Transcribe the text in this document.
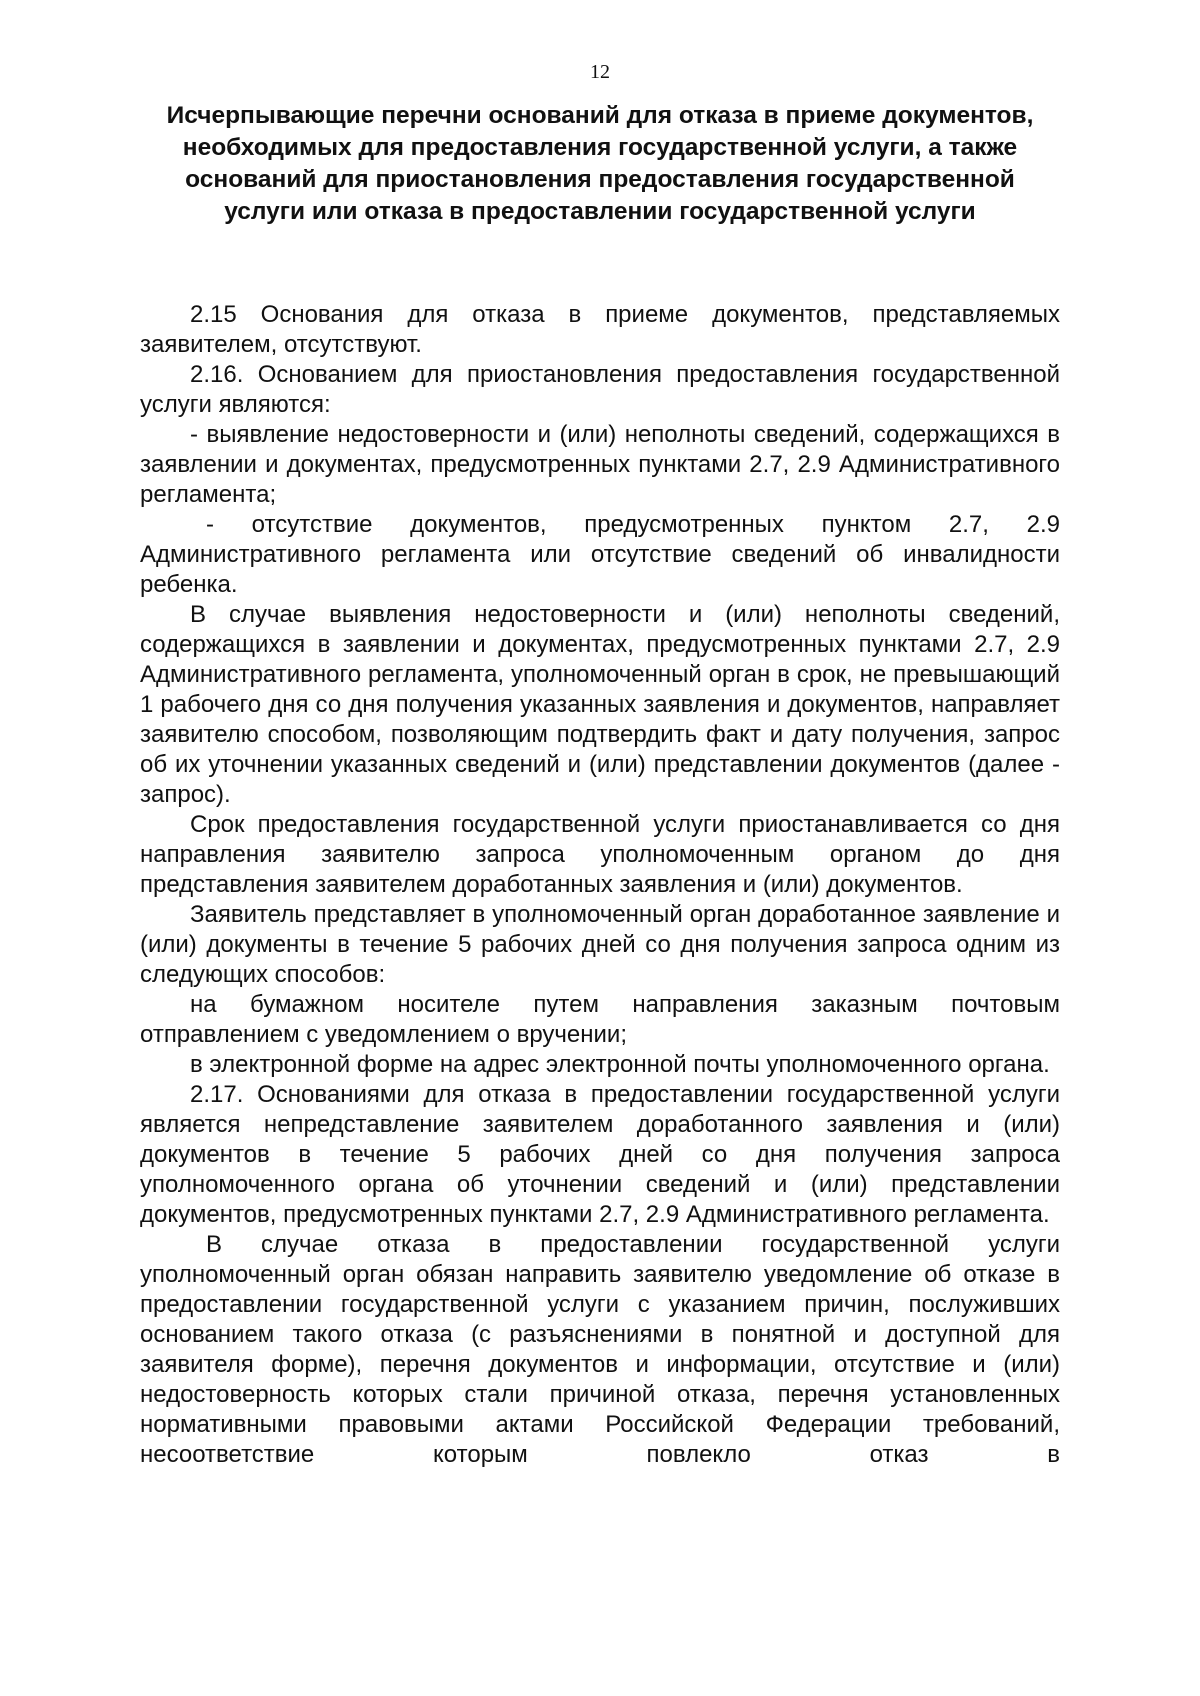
12
Исчерпывающие перечни оснований для отказа в приеме документов, необходимых для предоставления государственной услуги, а также оснований для приостановления предоставления государственной услуги или отказа в предоставлении государственной услуги

2.15 Основания для отказа в приеме документов, представляемых заявителем, отсутствуют.

2.16. Основанием для приостановления предоставления государственной услуги являются:

- выявление недостоверности и (или) неполноты сведений, содержащихся в заявлении и документах, предусмотренных пунктами 2.7, 2.9 Административного регламента;

- отсутствие документов, предусмотренных пунктом 2.7, 2.9 Административного регламента или отсутствие сведений об инвалидности ребенка.

В случае выявления недостоверности и (или) неполноты сведений, содержащихся в заявлении и документах, предусмотренных пунктами 2.7, 2.9 Административного регламента, уполномоченный орган в срок, не превышающий 1 рабочего дня со дня получения указанных заявления и документов, направляет заявителю способом, позволяющим подтвердить факт и дату получения, запрос об их уточнении указанных сведений и (или) представлении документов (далее - запрос).

Срок предоставления государственной услуги приостанавливается со дня направления заявителю запроса уполномоченным органом до дня представления заявителем доработанных заявления и (или) документов.

Заявитель представляет в уполномоченный орган доработанное заявление и (или) документы в течение 5 рабочих дней со дня получения запроса одним из следующих способов:

на бумажном носителе путем направления заказным почтовым отправлением с уведомлением о вручении;

в электронной форме на адрес электронной почты уполномоченного органа.

2.17. Основаниями для отказа в предоставлении государственной услуги является непредставление заявителем доработанного заявления и (или) документов в течение 5 рабочих дней со дня получения запроса уполномоченного органа об уточнении сведений и (или) представлении документов, предусмотренных пунктами 2.7, 2.9 Административного регламента.

В случае отказа в предоставлении государственной услуги уполномоченный орган обязан направить заявителю уведомление об отказе в предоставлении государственной услуги с указанием причин, послуживших основанием такого отказа (с разъяснениями в понятной и доступной для заявителя форме), перечня документов и информации, отсутствие и (или) недостоверность которых стали причиной отказа, перечня установленных нормативными правовыми актами Российской Федерации требований, несоответствие которым повлекло отказ в
